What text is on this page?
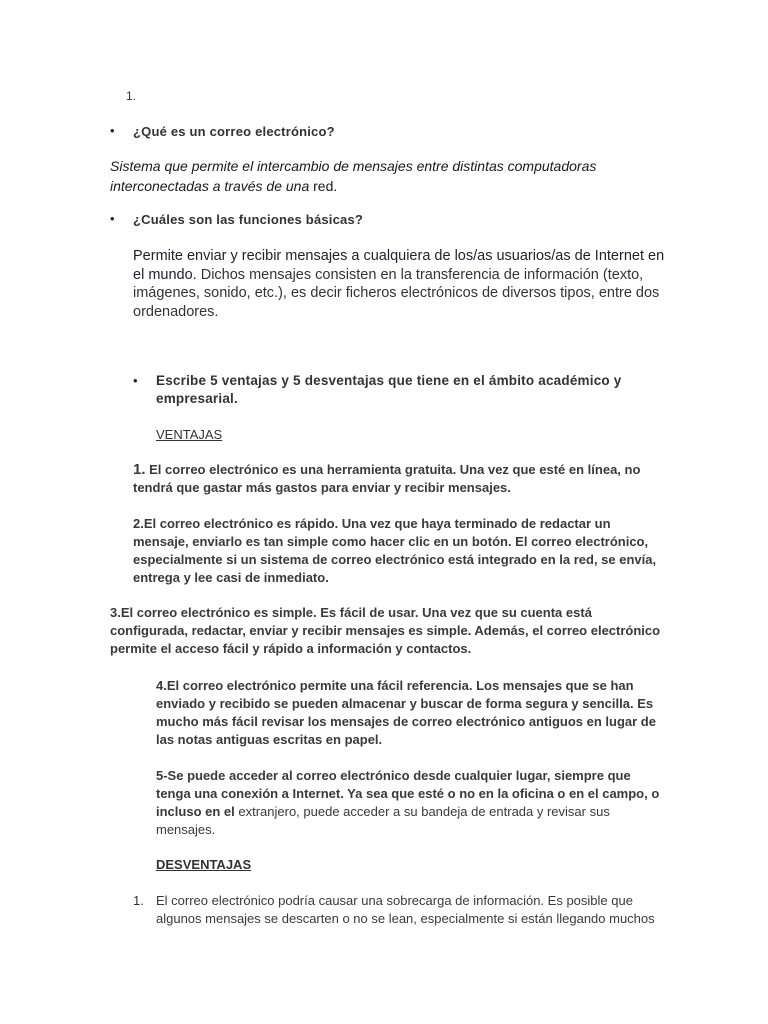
1.
• ¿Qué es un correo electrónico?
Sistema que permite el intercambio de mensajes entre distintas computadoras
interconectadas a través de una red.
• ¿Cuáles son las funciones básicas?
Permite enviar y recibir mensajes a cualquiera de los/as usuarios/as de Internet en
el mundo. Dichos mensajes consisten en la transferencia de información (texto,
imágenes, sonido, etc.), es decir ficheros electrónicos de diversos tipos, entre dos
ordenadores.
• Escribe 5 ventajas y 5 desventajas que tiene en el ámbito académico y
empresarial.
VENTAJAS
1. El correo electrónico es una herramienta gratuita. Una vez que esté en línea, no
tendrá que gastar más gastos para enviar y recibir mensajes.
2.El correo electrónico es rápido. Una vez que haya terminado de redactar un
mensaje, enviarlo es tan simple como hacer clic en un botón. El correo electrónico,
especialmente si un sistema de correo electrónico está integrado en la red, se envía,
entrega y lee casi de inmediato.
3.El correo electrónico es simple. Es fácil de usar. Una vez que su cuenta está
configurada, redactar, enviar y recibir mensajes es simple. Además, el correo electrónico
permite el acceso fácil y rápido a información y contactos.
4.El correo electrónico permite una fácil referencia. Los mensajes que se han
enviado y recibido se pueden almacenar y buscar de forma segura y sencilla. Es
mucho más fácil revisar los mensajes de correo electrónico antiguos en lugar de
las notas antiguas escritas en papel.
5-Se puede acceder al correo electrónico desde cualquier lugar, siempre que
tenga una conexión a Internet. Ya sea que esté o no en la oficina o en el campo, o
incluso en el extranjero, puede acceder a su bandeja de entrada y revisar sus
mensajes.
DESVENTAJAS
1. El correo electrónico podría causar una sobrecarga de información. Es posible que
algunos mensajes se descarten o no se lean, especialmente si están llegando muchos
